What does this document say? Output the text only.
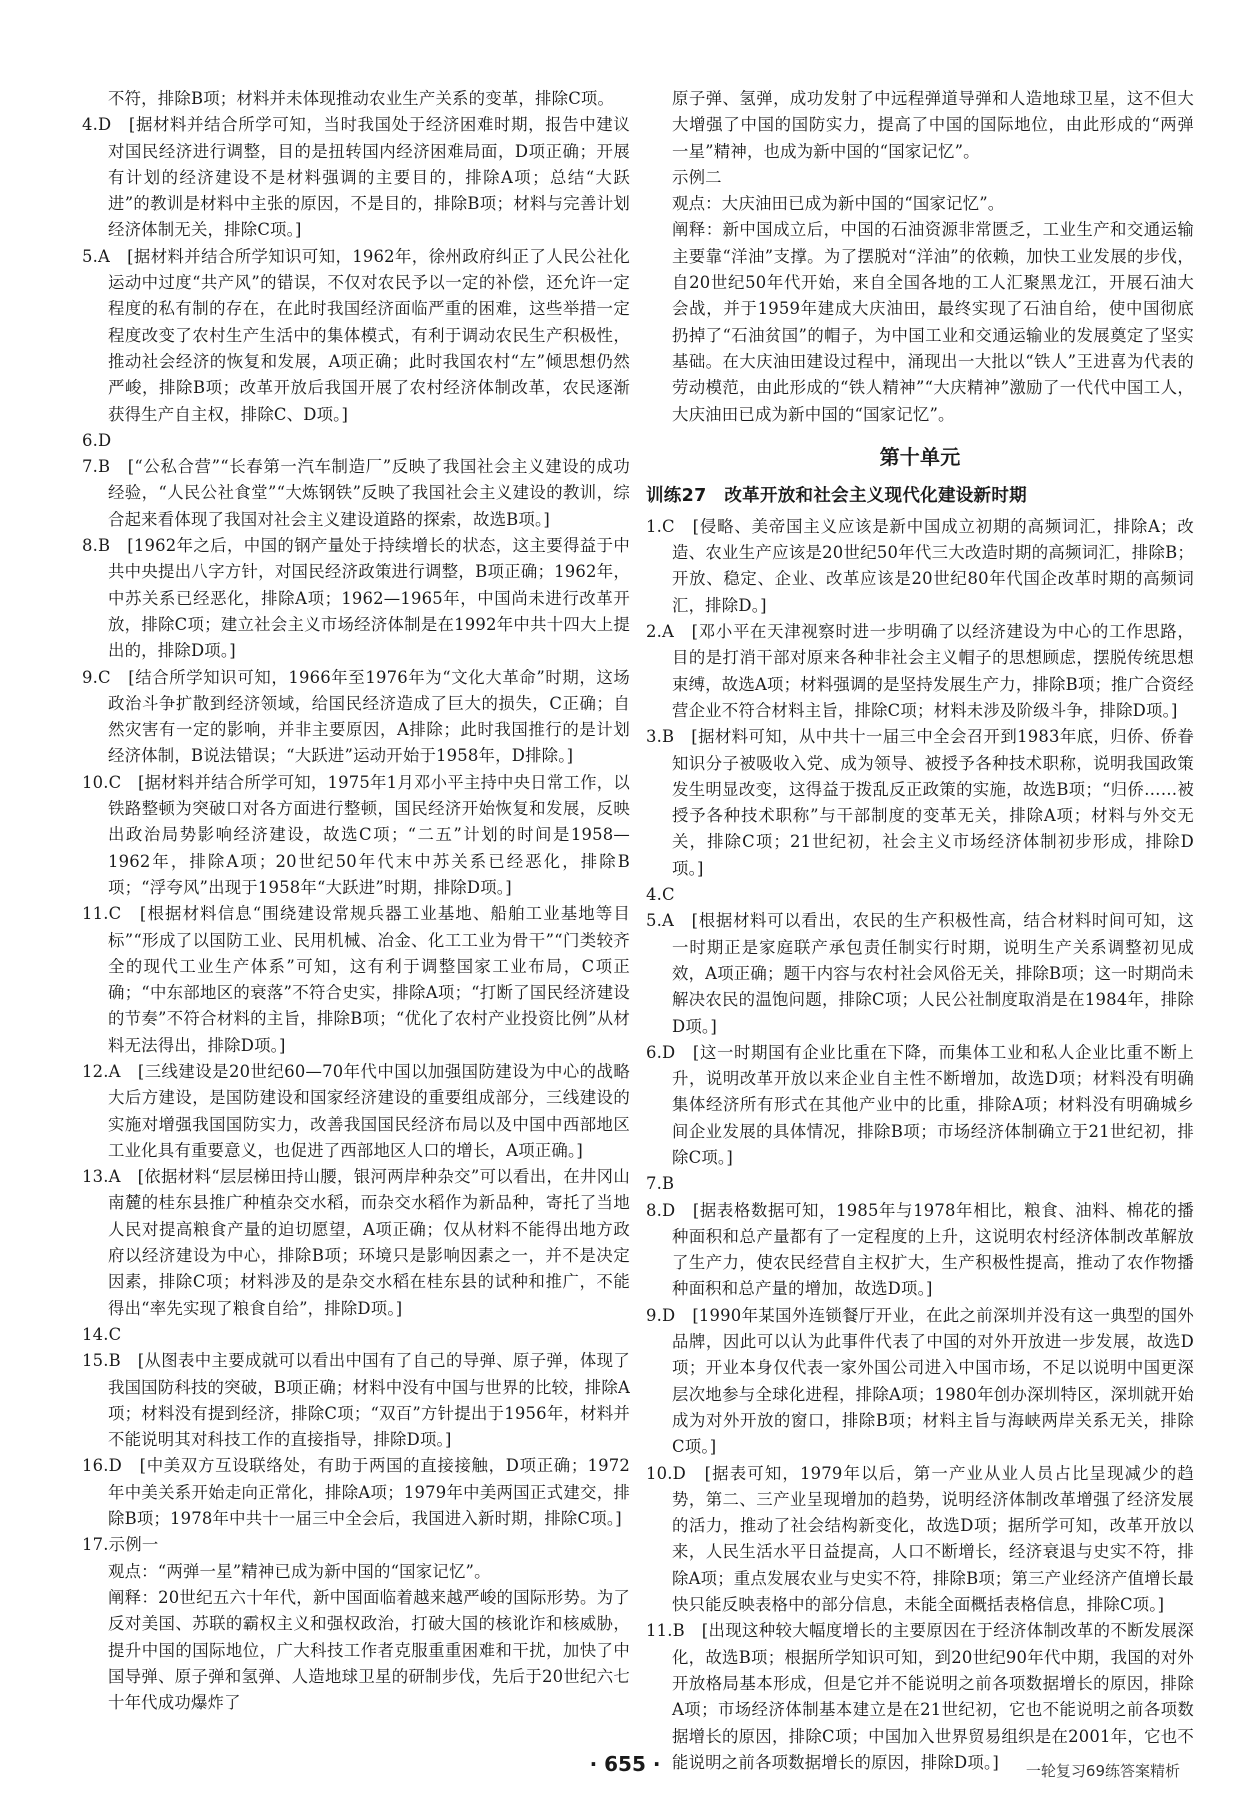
不符，排除B项；材料并未体现推动农业生产关系的变革，排除C项。

4.D　[据材料并结合所学可知，当时我国处于经济困难时期，报告中建议对国民经济进行调整，目的是扭转国内经济困难局面，D项正确；开展有计划的经济建设不是材料强调的主要目的，排除A项；总结“大跃进”的教训是材料中主张的原因，不是目的，排除B项；材料与完善计划经济体制无关，排除C项。]

5.A　[据材料并结合所学知识可知，1962年，徐州政府纠正了人民公社化运动中过度“共产风”的错误，不仅对农民予以一定的补偿，还允许一定程度的私有制的存在，在此时我国经济面临严重的困难，这些举措一定程度改变了农村生产生活中的集体模式，有利于调动农民生产积极性，推动社会经济的恢复和发展，A项正确；此时我国农村“左”倾思想仍然严峻，排除B项；改革开放后我国开展了农村经济体制改革，农民逐渐获得生产自主权，排除C、D项。]

6.D

7.B　[“公私合营”“长春第一汽车制造厂”反映了我国社会主义建设的成功经验，“人民公社食堂”“大炼钢铁”反映了我国社会主义建设的教训，综合起来看体现了我国对社会主义建设道路的探索，故选B项。]

8.B　[1962年之后，中国的钢产量处于持续增长的状态，这主要得益于中共中央提出八字方针，对国民经济政策进行调整，B项正确；1962年，中苏关系已经恶化，排除A项；1962—1965年，中国尚未进行改革开放，排除C项；建立社会主义市场经济体制是在1992年中共十四大上提出的，排除D项。]

9.C　[结合所学知识可知，1966年至1976年为“文化大革命”时期，这场政治斗争扩散到经济领域，给国民经济造成了巨大的损失，C正确；自然灾害有一定的影响，并非主要原因，A排除；此时我国推行的是计划经济体制，B说法错误；“大跃进”运动开始于1958年，D排除。]

10.C　[据材料并结合所学可知，1975年1月邓小平主持中央日常工作，以铁路整顿为突破口对各方面进行整顿，国民经济开始恢复和发展，反映出政治局势影响经济建设，故选C项；“二五”计划的时间是1958—1962年，排除A项；20世纪50年代末中苏关系已经恶化，排除B项；“浮夸风”出现于1958年“大跃进”时期，排除D项。]

11.C　[根据材料信息“围绕建设常规兵器工业基地、船舶工业基地等目标”“形成了以国防工业、民用机械、冶金、化工工业为骨干”“门类较齐全的现代工业生产体系”可知，这有利于调整国家工业布局，C项正确；“中东部地区的衰落”不符合史实，排除A项；“打断了国民经济建设的节奏”不符合材料的主旨，排除B项；“优化了农村产业投资比例”从材料无法得出，排除D项。]

12.A　[三线建设是20世纪60—70年代中国以加强国防建设为中心的战略大后方建设，是国防建设和国家经济建设的重要组成部分，三线建设的实施对增强我国国防实力，改善我国国民经济布局以及中国中西部地区工业化具有重要意义，也促进了西部地区人口的增长，A项正确。]

13.A　[依据材料“层层梯田持山腰，银河两岸种杂交”可以看出，在井冈山南麓的桂东县推广种植杂交水稻，而杂交水稻作为新品种，寄托了当地人民对提高粮食产量的迫切愿望，A项正确；仅从材料不能得出地方政府以经济建设为中心，排除B项；环境只是影响因素之一，并不是决定因素，排除C项；材料涉及的是杂交水稻在桂东县的试种和推广，不能得出“率先实现了粮食自给”，排除D项。]

14.C

15.B　[从图表中主要成就可以看出中国有了自己的导弹、原子弹，体现了我国国防科技的突破，B项正确；材料中没有中国与世界的比较，排除A项；材料没有提到经济，排除C项；“双百”方针提出于1956年，材料并不能说明其对科技工作的直接指导，排除D项。]

16.D　[中美双方互设联络处，有助于两国的直接接触，D项正确；1972年中美关系开始走向正常化，排除A项；1979年中美两国正式建交，排除B项；1978年中共十一届三中全会后，我国进入新时期，排除C项。]

17.示例一

观点：“两弹一星”精神已成为新中国的“国家记忆”。

阐释：20世纪五六十年代，新中国面临着越来越严峻的国际形势。为了反对美国、苏联的霸权主义和强权政治，打破大国的核讹诈和核威胁，提升中国的国际地位，广大科技工作者克服重重困难和干扰，加快了中国导弹、原子弹和氢弹、人造地球卫星的研制步伐，先后于20世纪六七十年代成功爆炸了

原子弹、氢弹，成功发射了中远程弹道导弹和人造地球卫星，这不但大大增强了中国的国防实力，提高了中国的国际地位，由此形成的“两弹一星”精神，也成为新中国的“国家记忆”。

示例二

观点：大庆油田已成为新中国的“国家记忆”。

阐释：新中国成立后，中国的石油资源非常匮乏，工业生产和交通运输主要靠“洋油”支撑。为了摆脱对“洋油”的依赖，加快工业发展的步伐，自20世纪50年代开始，来自全国各地的工人汇聚黑龙江，开展石油大会战，并于1959年建成大庆油田，最终实现了石油自给，使中国彻底扔掉了“石油贫国”的帽子，为中国工业和交通运输业的发展奠定了坚实基础。在大庆油田建设过程中，涌现出一大批以“铁人”王进喜为代表的劳动模范，由此形成的“铁人精神”“大庆精神”激励了一代代中国工人，大庆油田已成为新中国的“国家记忆”。

第十单元
训练27　改革开放和社会主义现代化建设新时期

1.C　[侵略、美帝国主义应该是新中国成立初期的高频词汇，排除A；改造、农业生产应该是20世纪50年代三大改造时期的高频词汇，排除B；开放、稳定、企业、改革应该是20世纪80年代国企改革时期的高频词汇，排除D。]

2.A　[邓小平在天津视察时进一步明确了以经济建设为中心的工作思路，目的是打消干部对原来各种非社会主义帽子的思想顾虑，摆脱传统思想束缚，故选A项；材料强调的是坚持发展生产力，排除B项；推广合资经营企业不符合材料主旨，排除C项；材料未涉及阶级斗争，排除D项。]

3.B　[据材料可知，从中共十一届三中全会召开到1983年底，归侨、侨眷知识分子被吸收入党、成为领导、被授予各种技术职称，说明我国政策发生明显改变，这得益于拨乱反正政策的实施，故选B项；“归侨……被授予各种技术职称”与干部制度的变革无关，排除A项；材料与外交无关，排除C项；21世纪初，社会主义市场经济体制初步形成，排除D项。]

4.C

5.A　[根据材料可以看出，农民的生产积极性高，结合材料时间可知，这一时期正是家庭联产承包责任制实行时期，说明生产关系调整初见成效，A项正确；题干内容与农村社会风俗无关，排除B项；这一时期尚未解决农民的温饱问题，排除C项；人民公社制度取消是在1984年，排除D项。]

6.D　[这一时期国有企业比重在下降，而集体工业和私人企业比重不断上升，说明改革开放以来企业自主性不断增加，故选D项；材料没有明确集体经济所有形式在其他产业中的比重，排除A项；材料没有明确城乡间企业发展的具体情况，排除B项；市场经济体制确立于21世纪初，排除C项。]

7.B

8.D　[据表格数据可知，1985年与1978年相比，粮食、油料、棉花的播种面积和总产量都有了一定程度的上升，这说明农村经济体制改革解放了生产力，使农民经营自主权扩大，生产积极性提高，推动了农作物播种面积和总产量的增加，故选D项。]

9.D　[1990年某国外连锁餐厅开业，在此之前深圳并没有这一典型的国外品牌，因此可以认为此事件代表了中国的对外开放进一步发展，故选D项；开业本身仅代表一家外国公司进入中国市场，不足以说明中国更深层次地参与全球化进程，排除A项；1980年创办深圳特区，深圳就开始成为对外开放的窗口，排除B项；材料主旨与海峡两岸关系无关，排除C项。]

10.D　[据表可知，1979年以后，第一产业从业人员占比呈现减少的趋势，第二、三产业呈现增加的趋势，说明经济体制改革增强了经济发展的活力，推动了社会结构新变化，故选D项；据所学可知，改革开放以来，人民生活水平日益提高，人口不断增长，经济衰退与史实不符，排除A项；重点发展农业与史实不符，排除B项；第三产业经济产值增长最快只能反映表格中的部分信息，未能全面概括表格信息，排除C项。]

11.B　[出现这种较大幅度增长的主要原因在于经济体制改革的不断发展深化，故选B项；根据所学知识可知，到20世纪90年代中期，我国的对外开放格局基本形成，但是它并不能说明之前各项数据增长的原因，排除A项；市场经济体制基本建立是在21世纪初，它也不能说明之前各项数据增长的原因，排除C项；中国加入世界贸易组织是在2001年，它也不能说明之前各项数据增长的原因，排除D项。]

· 655 ·	一轮复习69练答案精析
